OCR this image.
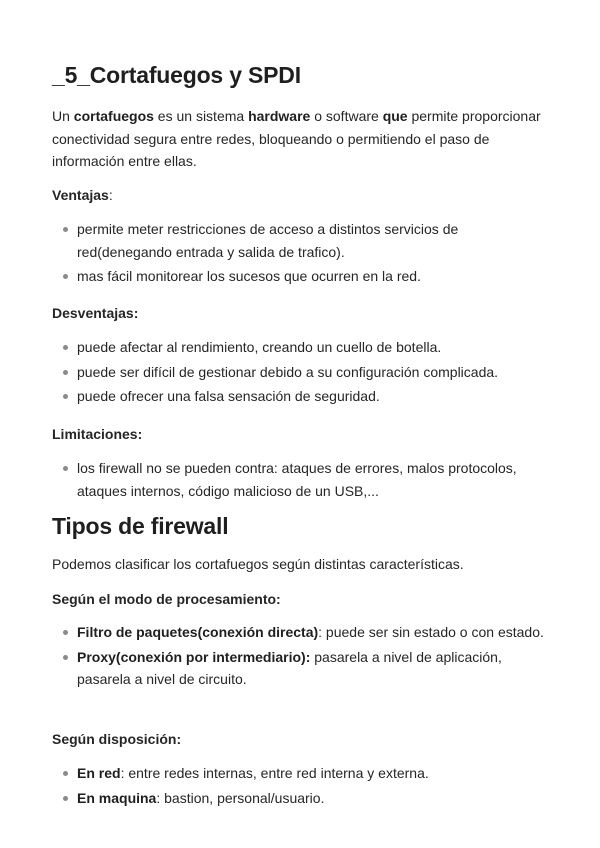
_5_Cortafuegos y SPDI

Un cortafuegos es un sistema hardware o software que permite proporcionar conectividad segura entre redes, bloqueando o permitiendo el paso de información entre ellas.

Ventajas:
permite meter restricciones de acceso a distintos servicios de red(denegando entrada y salida de trafico).
mas fácil monitorear los sucesos que ocurren en la red.
Desventajas:
puede afectar al rendimiento, creando un cuello de botella.
puede ser difícil de gestionar debido a su configuración complicada.
puede ofrecer una falsa sensación de seguridad.
Limitaciones:
los firewall no se pueden contra: ataques de errores, malos protocolos, ataques internos, código malicioso de un USB,...
Tipos de firewall

Podemos clasificar los cortafuegos según distintas características.

Según el modo de procesamiento:
Filtro de paquetes(conexión directa): puede ser sin estado o con estado.
Proxy(conexión por intermediario): pasarela a nivel de aplicación, pasarela a nivel de circuito.
Según disposición:
En red: entre redes internas, entre red interna y externa.
En maquina: bastion, personal/usuario.
